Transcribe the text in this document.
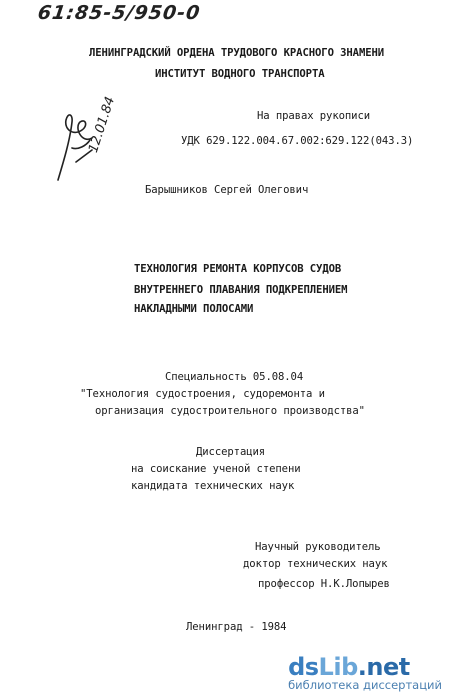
61:85-5/950-0
ЛЕНИНГРАДСКИЙ ОРДЕНА ТРУДОВОГО КРАСНОГО ЗНАМЕНИ
ИНСТИТУТ ВОДНОГО ТРАНСПОРТА
На правах рукописи
УДК 629.122.004.67.002:629.122(043.3)
12.01.84
Барышников Сергей Олегович
ТЕХНОЛОГИЯ РЕМОНТА КОРПУСОВ СУДОВ
ВНУТРЕННЕГО ПЛАВАНИЯ ПОДКРЕПЛЕНИЕМ
НАКЛАДНЫМИ ПОЛОСАМИ
Специальность 05.08.04
"Технология судостроения, судоремонта и
организация судостроительного производства"
Диссертация
на соискание ученой степени
кандидата технических наук
Научный руководитель
доктор технических наук
профессор Н.К.Лопырев
Ленинград - 1984
dsLib.net
библиотека диссертаций
